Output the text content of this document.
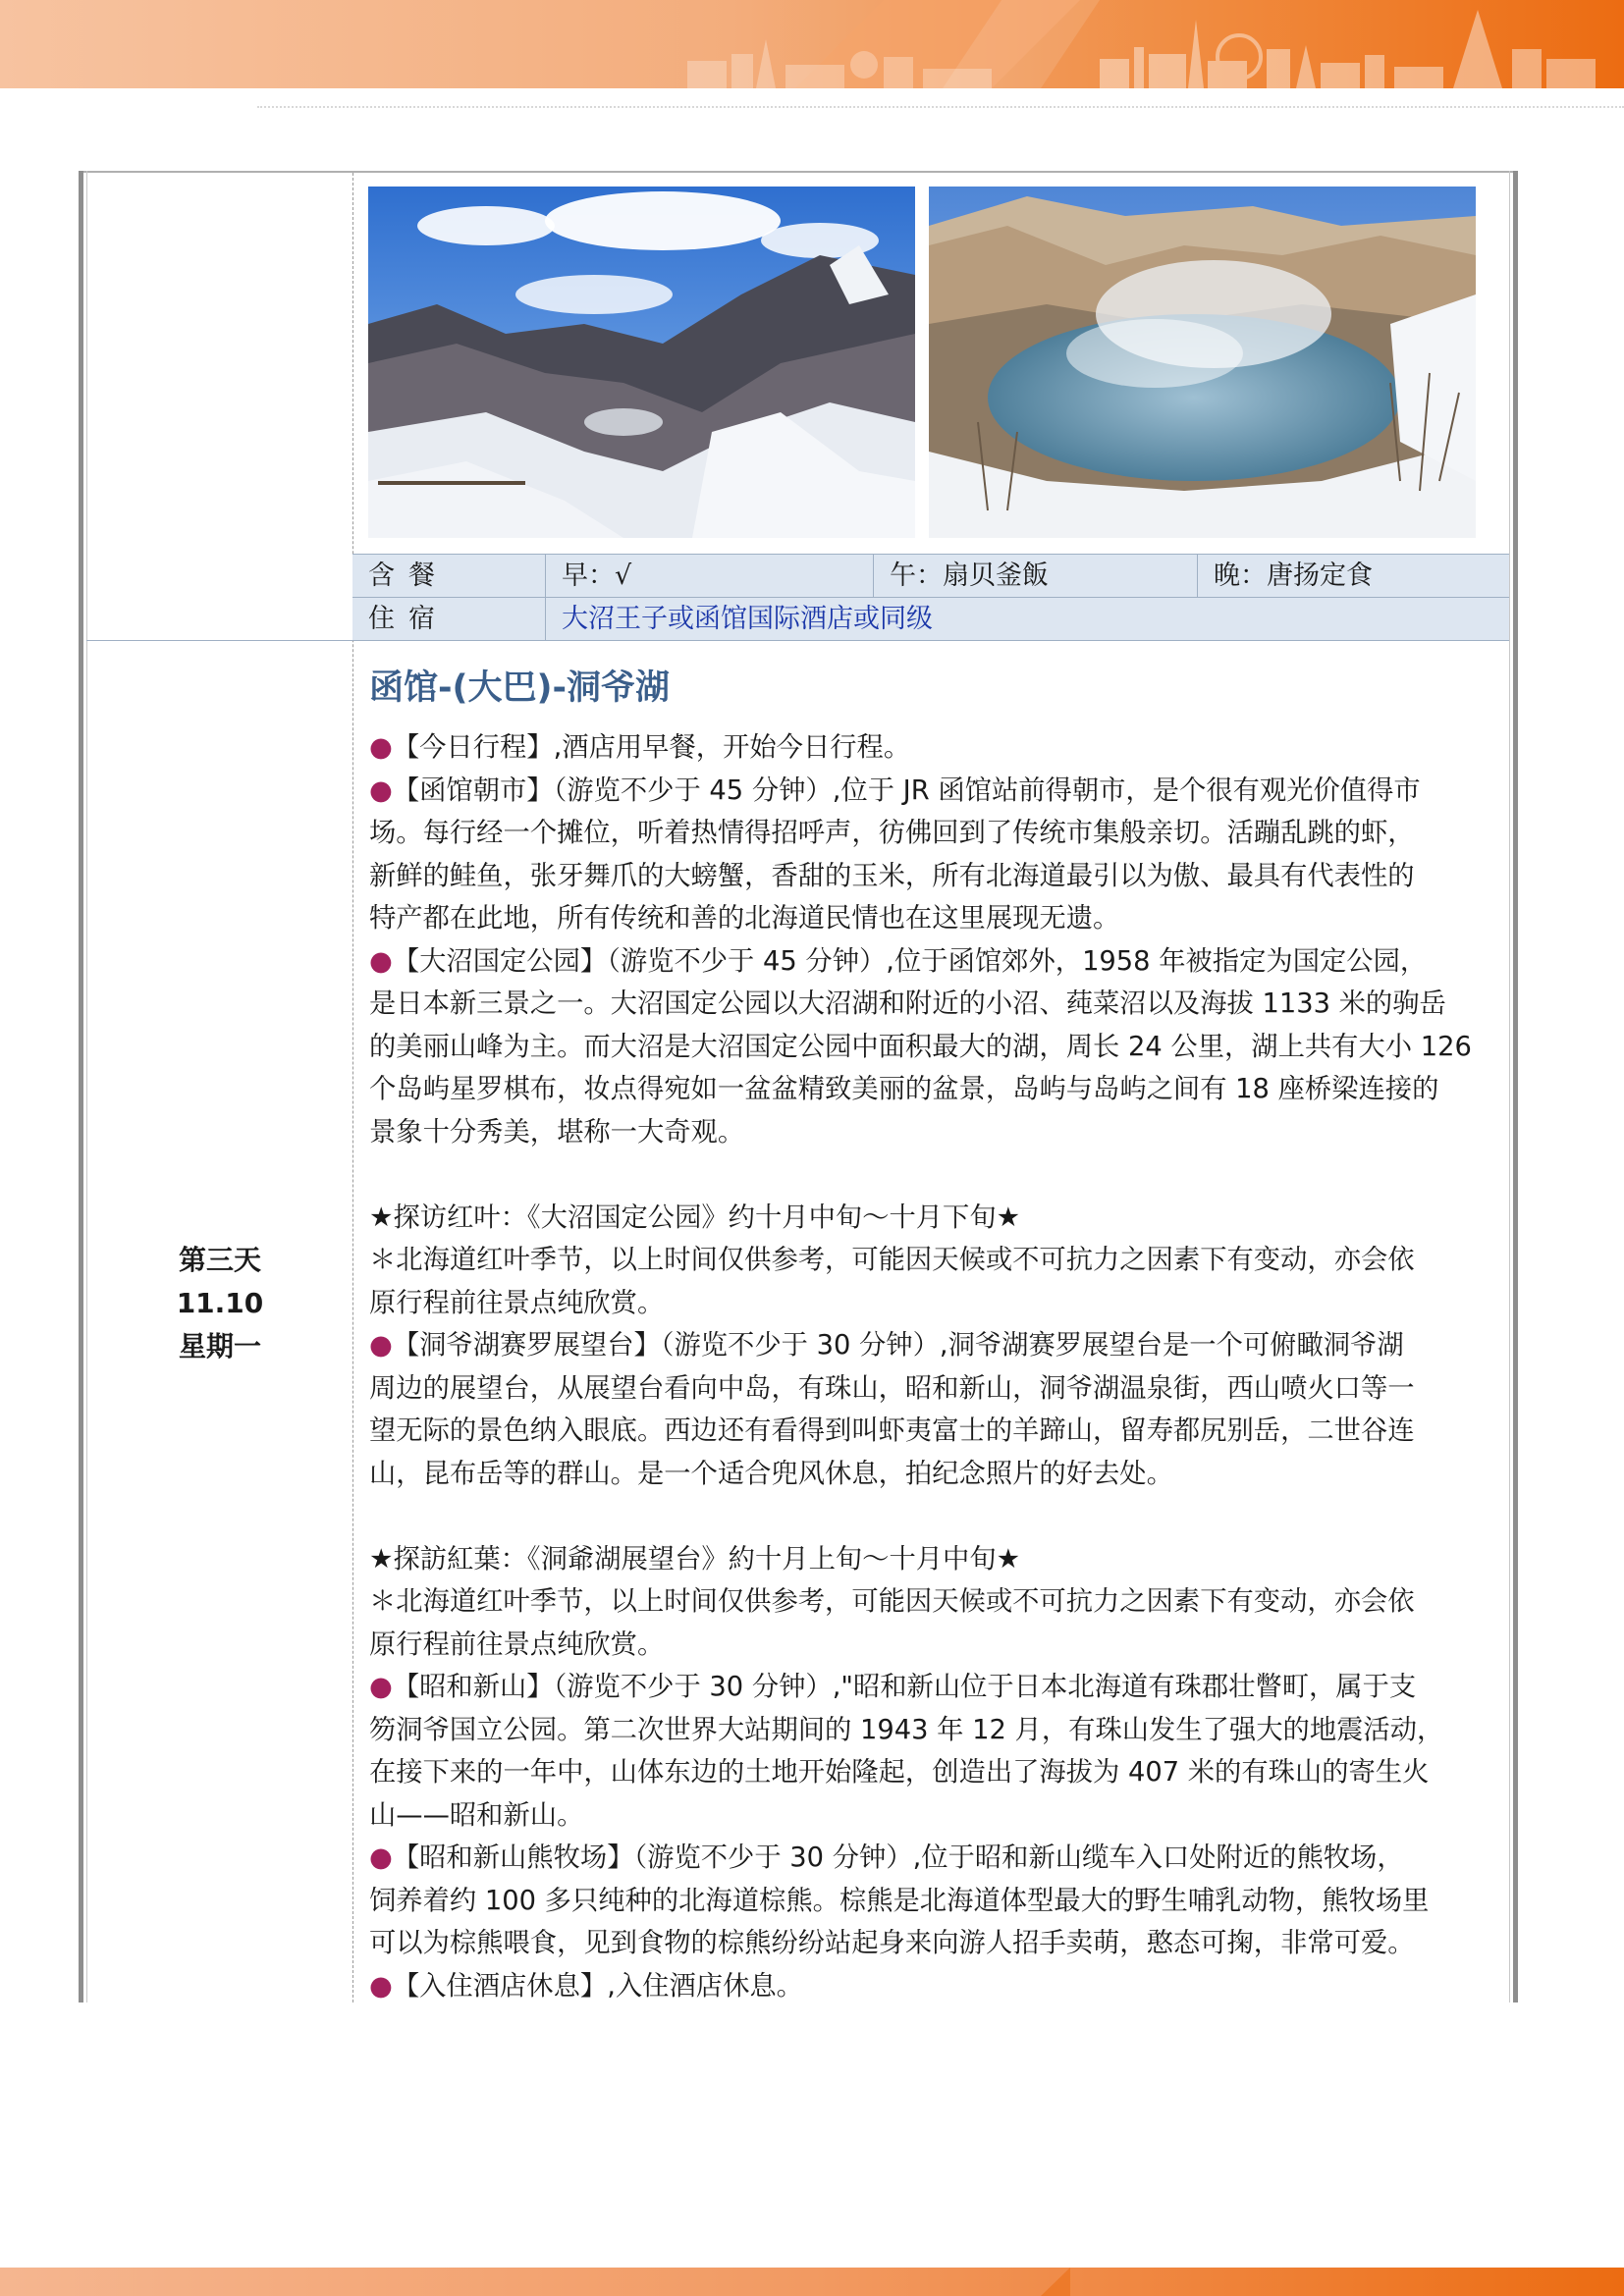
含餐	早：√	午：扇贝釜飯	晚：唐扬定食
住宿	大沼王子或函馆国际酒店或同级
第三天
11.10
星期一
函馆-(大巴)-洞爷湖

●【今日行程】,酒店用早餐，开始今日行程。

●【函馆朝市】（游览不少于 45 分钟）,位于 JR 函馆站前得朝市，是个很有观光价值得市

场。每行经一个摊位，听着热情得招呼声，彷佛回到了传统市集般亲切。活蹦乱跳的虾，

新鲜的鲑鱼，张牙舞爪的大螃蟹，香甜的玉米，所有北海道最引以为傲、最具有代表性的

特产都在此地，所有传统和善的北海道民情也在这里展现无遗。

●【大沼国定公园】（游览不少于 45 分钟）,位于函馆郊外，1958 年被指定为国定公园，

是日本新三景之一。大沼国定公园以大沼湖和附近的小沼、莼菜沼以及海拔 1133 米的驹岳

的美丽山峰为主。而大沼是大沼国定公园中面积最大的湖，周长 24 公里，湖上共有大小 126

个岛屿星罗棋布，妆点得宛如一盆盆精致美丽的盆景，岛屿与岛屿之间有 18 座桥梁连接的

景象十分秀美，堪称一大奇观。

★探访红叶：《大沼国定公园》约十月中旬～十月下旬★

＊北海道红叶季节，以上时间仅供参考，可能因天候或不可抗力之因素下有变动，亦会依

原行程前往景点纯欣赏。

●【洞爷湖赛罗展望台】（游览不少于 30 分钟）,洞爷湖赛罗展望台是一个可俯瞰洞爷湖

周边的展望台，从展望台看向中岛，有珠山，昭和新山，洞爷湖温泉街，西山喷火口等一

望无际的景色纳入眼底。西边还有看得到叫虾夷富士的羊蹄山，留寿都尻别岳，二世谷连

山，昆布岳等的群山。是一个适合兜风休息，拍纪念照片的好去处。

★探訪紅葉：《洞爺湖展望台》約十月上旬～十月中旬★

＊北海道红叶季节，以上时间仅供参考，可能因天候或不可抗力之因素下有变动，亦会依

原行程前往景点纯欣赏。

●【昭和新山】（游览不少于 30 分钟）,"昭和新山位于日本北海道有珠郡壮瞥町，属于支

笏洞爷国立公园。第二次世界大站期间的 1943 年 12 月，有珠山发生了强大的地震活动，

在接下来的一年中，山体东边的土地开始隆起，创造出了海拔为 407 米的有珠山的寄生火

山——昭和新山。

●【昭和新山熊牧场】（游览不少于 30 分钟）,位于昭和新山缆车入口处附近的熊牧场，

饲养着约 100 多只纯种的北海道棕熊。棕熊是北海道体型最大的野生哺乳动物，熊牧场里

可以为棕熊喂食，见到食物的棕熊纷纷站起身来向游人招手卖萌，憨态可掬，非常可爱。

●【入住酒店休息】,入住酒店休息。
